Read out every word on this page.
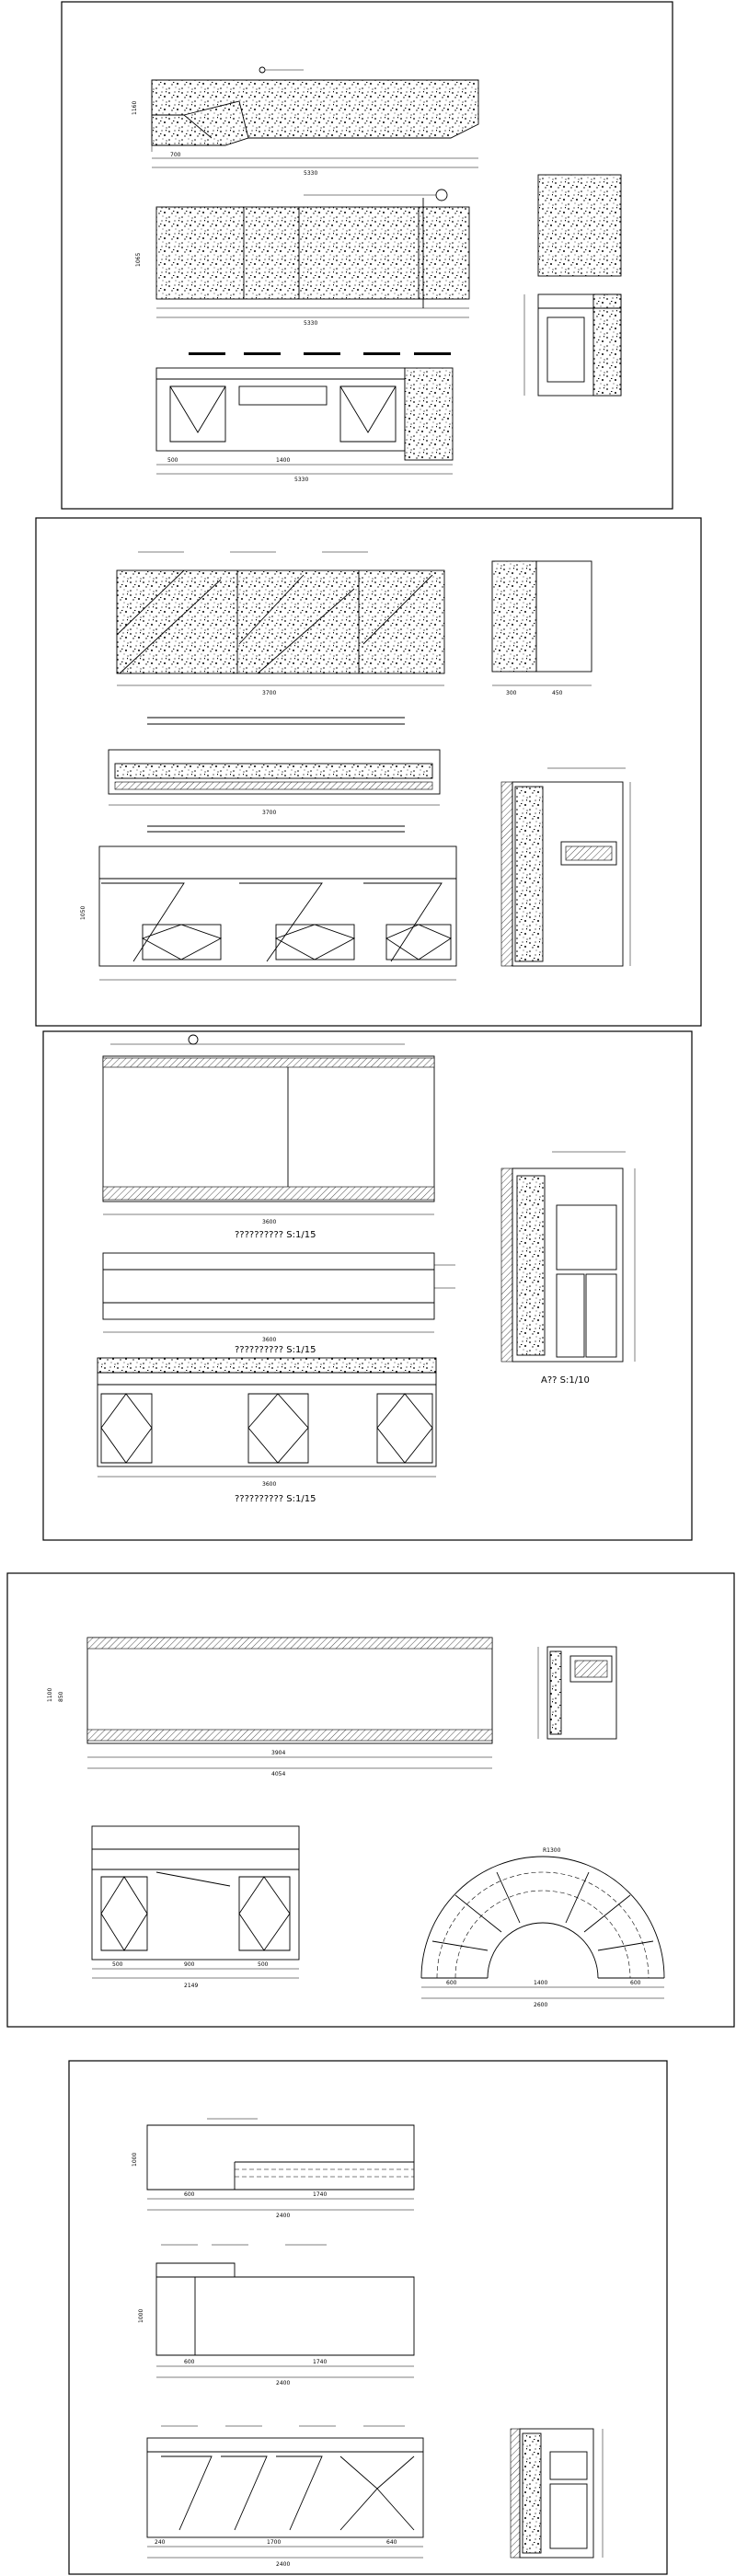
700
5330
1160
5330
1065
1400
5330
500
3700
3700
1050
300	450
3600
?????????? S:1/15
3600
?????????? S:1/15
3600
?????????? S:1/15
A?? S:1/10
3904
4054
1100 850
500	900	500
2149
R1300
600	1400	600
2600
600	1740
2400
1000
600	1740
2400
1000
240	1700	640
2400
